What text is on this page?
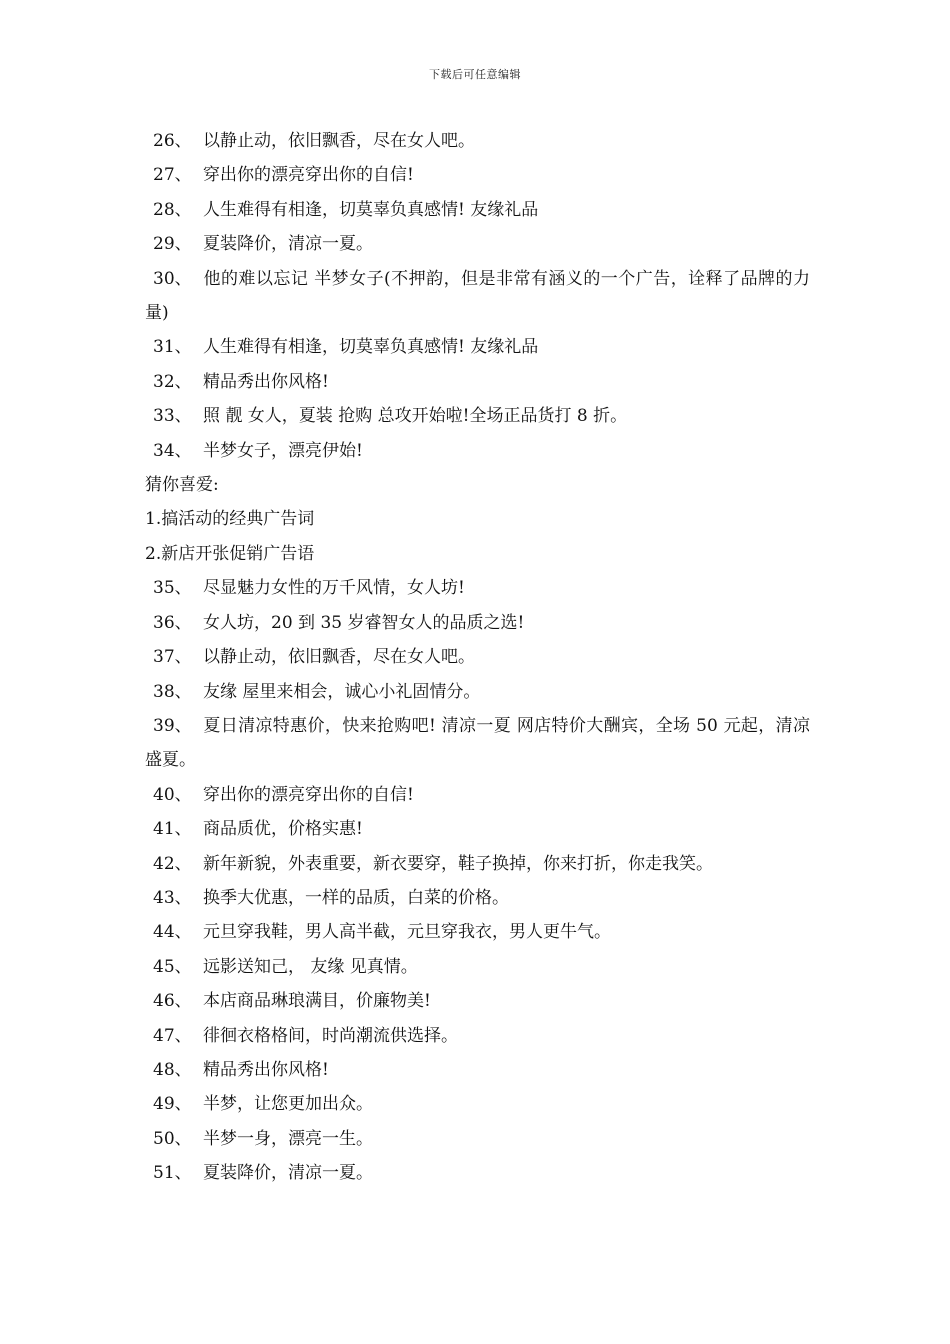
下载后可任意编辑
26、 以静止动，依旧飘香，尽在女人吧。
27、 穿出你的漂亮穿出你的自信!
28、 人生难得有相逢，切莫辜负真感情! 友缘礼品
29、 夏装降价，清凉一夏。
30、 他的难以忘记 半梦女子(不押韵，但是非常有涵义的一个广告，诠释了品牌的力量)
31、 人生难得有相逢，切莫辜负真感情! 友缘礼品
32、 精品秀出你风格!
33、 照 靓 女人，夏装 抢购 总攻开始啦!全场正品货打 8 折。
34、 半梦女子，漂亮伊始!
猜你喜爱:
1.搞活动的经典广告词
2.新店开张促销广告语
35、 尽显魅力女性的万千风情，女人坊!
36、 女人坊，20 到 35 岁睿智女人的品质之选!
37、 以静止动，依旧飘香，尽在女人吧。
38、 友缘 屋里来相会，诚心小礼固情分。
39、 夏日清凉特惠价，快来抢购吧! 清凉一夏 网店特价大酬宾，全场 50 元起，清凉盛夏。
40、 穿出你的漂亮穿出你的自信!
41、 商品质优，价格实惠!
42、 新年新貌，外表重要，新衣要穿，鞋子换掉，你来打折，你走我笑。
43、 换季大优惠，一样的品质，白菜的价格。
44、 元旦穿我鞋，男人高半截，元旦穿我衣，男人更牛气。
45、 远影送知己， 友缘 见真情。
46、 本店商品琳琅满目，价廉物美!
47、 徘徊衣格格间，时尚潮流供选择。
48、 精品秀出你风格!
49、 半梦，让您更加出众。
50、 半梦一身，漂亮一生。
51、 夏装降价，清凉一夏。
